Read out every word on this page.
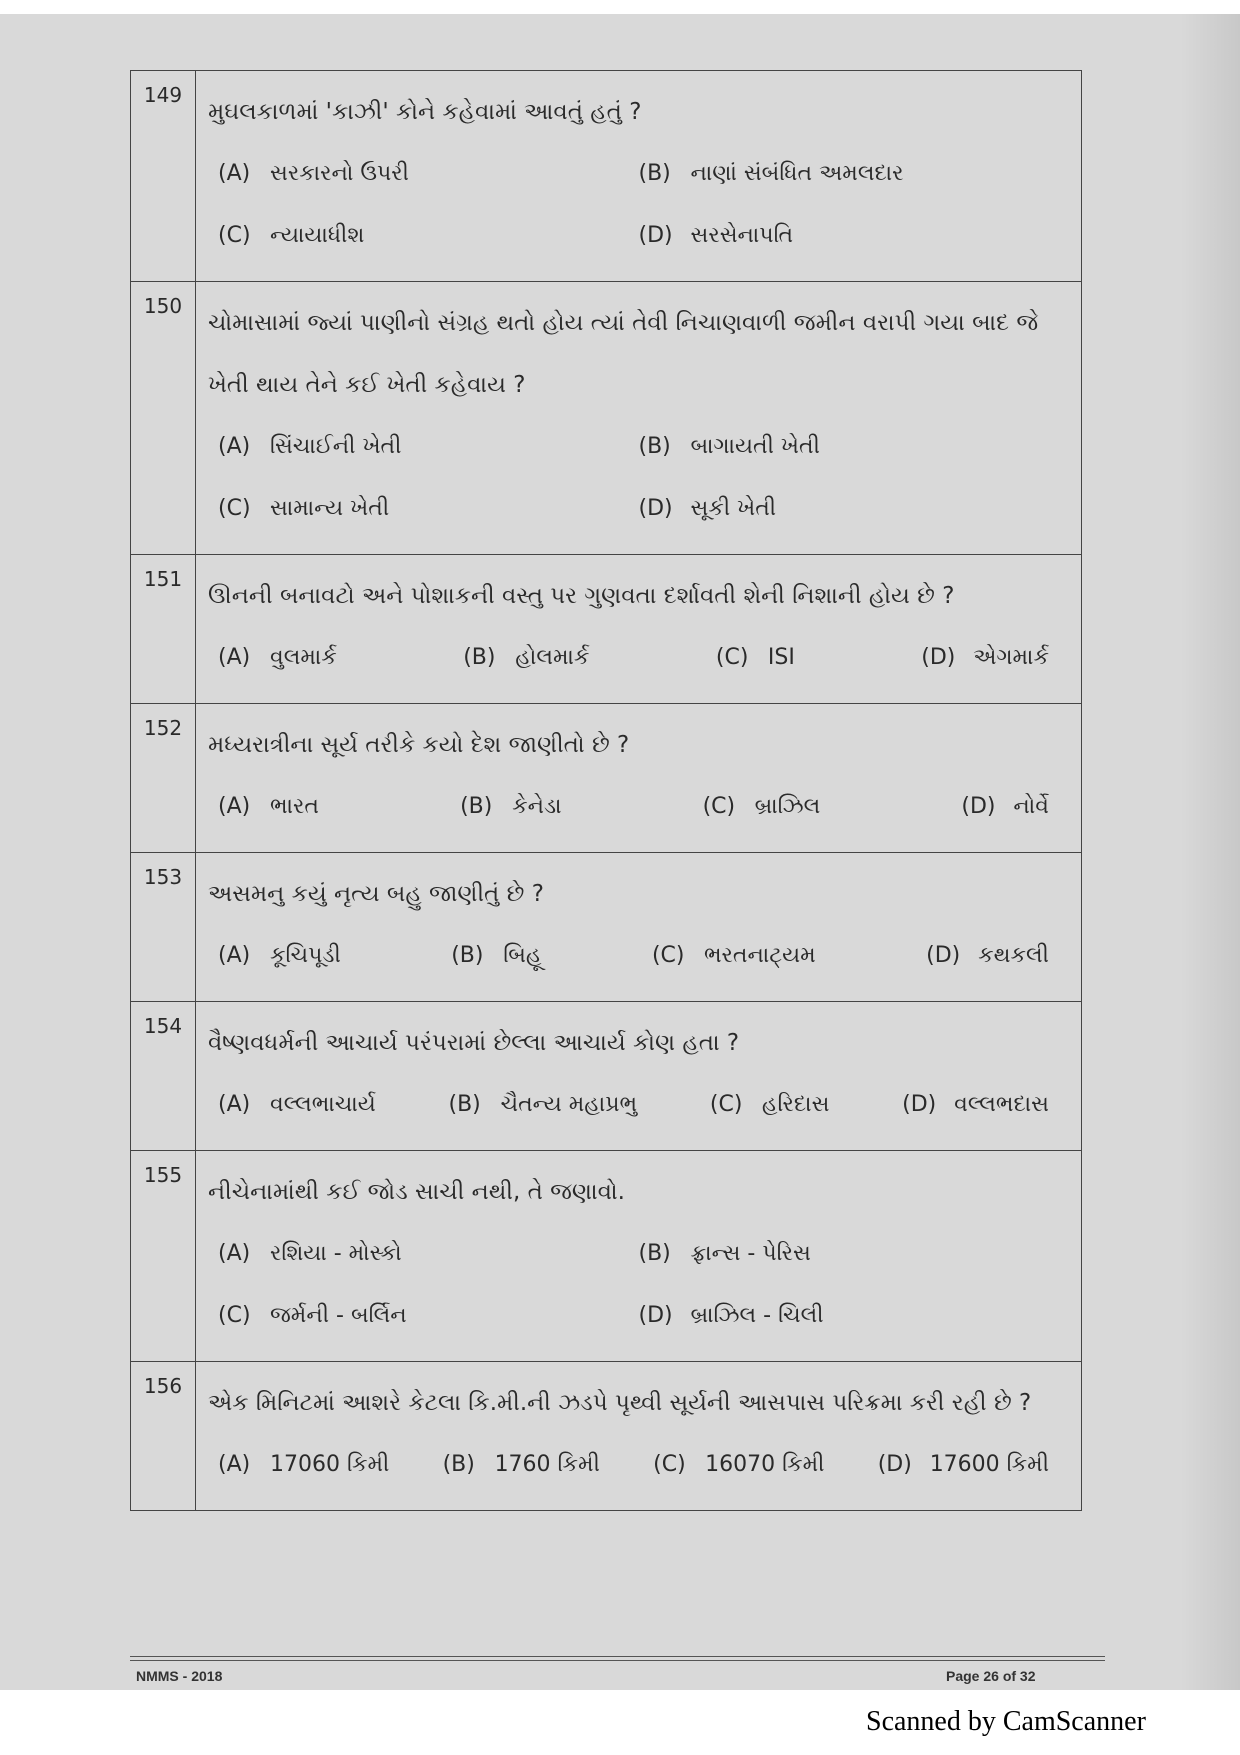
149	મુઘલકાળમાં 'કાઝી' કોને કહેવામાં આવતું હતું ?

(A) સરકારનો ઉપરી (B) નાણાં સંબંધિત અમલદાર
(C) ન્યાયાધીશ (D) સરસેનાપતિ

150	ચોમાસામાં જ્યાં પાણીનો સંગ્રહ થતો હોય ત્યાં તેવી નિચાણવાળી જમીન વરાપી ગયા બાદ જે ખેતી થાય તેને કઈ ખેતી કહેવાય ?

(A) સિંચાઈની ખેતી (B) બાગાયતી ખેતી
(C) સામાન્ય ખેતી (D) સૂકી ખેતી

151	ઊનની બનાવટો અને પોશાકની વસ્તુ પર ગુણવતા દર્શાવતી શેની નિશાની હોય છે ?

(A) વુલમાર્ક (B) હોલમાર્ક (C) ISI (D) એગમાર્ક

152	મધ્યરાત્રીના સૂર્ય તરીકે કયો દેશ જાણીતો છે ?

(A) ભારત (B) કેનેડા (C) બ્રાઝિલ (D) નોર્વે

153	અસમનુ કયું નૃત્ય બહુ જાણીતું છે ?

(A) કૂચિપૂડી (B) બિહૂ (C) ભરતનાટ્યમ (D) કથકલી

154	વૈષ્ણવધર્મની આચાર્ય પરંપરામાં છેલ્લા આચાર્ય કોણ હતા ?

(A) વલ્લભાચાર્ય (B) ચૈતન્ય મહાપ્રભુ (C) હરિદાસ (D) વલ્લભદાસ

155	નીચેનામાંથી કઈ જોડ સાચી નથી, તે જણાવો.

(A) રશિયા - મોસ્કો (B) ફ્રાન્સ - પેરિસ
(C) જર્મની - બર્લિન (D) બ્રાઝિલ - ચિલી

156	એક મિનિટમાં આશરે કેટલા કિ.મી.ની ઝડપે પૃથ્વી સૂર્યની આસપાસ પરિક્રમા કરી રહી છે ?

(A) 17060 કિમી (B) 1760 કિમી (C) 16070 કિમી (D) 17600 કિમી
NMMS - 2018	Page 26 of 32
Scanned by CamScanner
